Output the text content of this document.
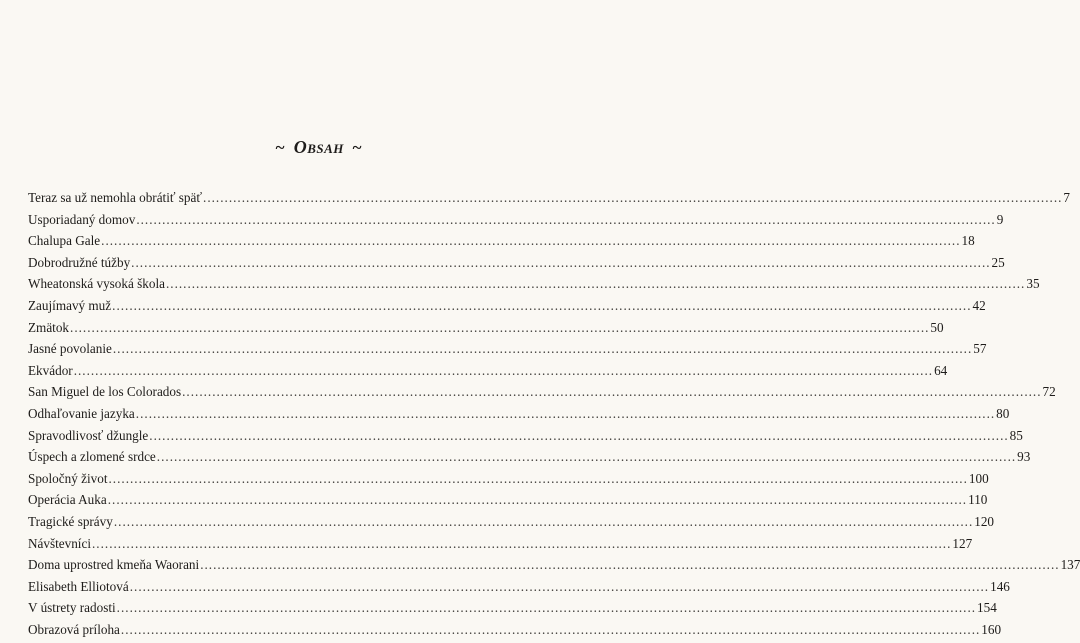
~ Obsah ~
Teraz sa už nemohla obrátiť späť ........................................................................................................................................................................................................ 7
Usporiadaný domov ........................................................................................................................................................................................................ 9
Chalupa Gale ........................................................................................................................................................................................................ 18
Dobrodružné túžby ........................................................................................................................................................................................................ 25
Wheatonská vysoká škola ........................................................................................................................................................................................................ 35
Zaujímavý muž ........................................................................................................................................................................................................ 42
Zmätok ........................................................................................................................................................................................................ 50
Jasné povolanie ........................................................................................................................................................................................................ 57
Ekvádor ........................................................................................................................................................................................................ 64
San Miguel de los Colorados ........................................................................................................................................................................................................ 72
Odhaľovanie jazyka ........................................................................................................................................................................................................ 80
Spravodlivosť džungle ........................................................................................................................................................................................................ 85
Úspech a zlomené srdce ........................................................................................................................................................................................................ 93
Spoločný život ........................................................................................................................................................................................................ 100
Operácia Auka ........................................................................................................................................................................................................ 110
Tragické správy ........................................................................................................................................................................................................ 120
Návštevníci ........................................................................................................................................................................................................ 127
Doma uprostred kmeňa Waorani ........................................................................................................................................................................................................ 137
Elisabeth Elliotová ........................................................................................................................................................................................................ 146
V ústrety radosti ........................................................................................................................................................................................................ 154
Obrazová príloha ........................................................................................................................................................................................................ 160
